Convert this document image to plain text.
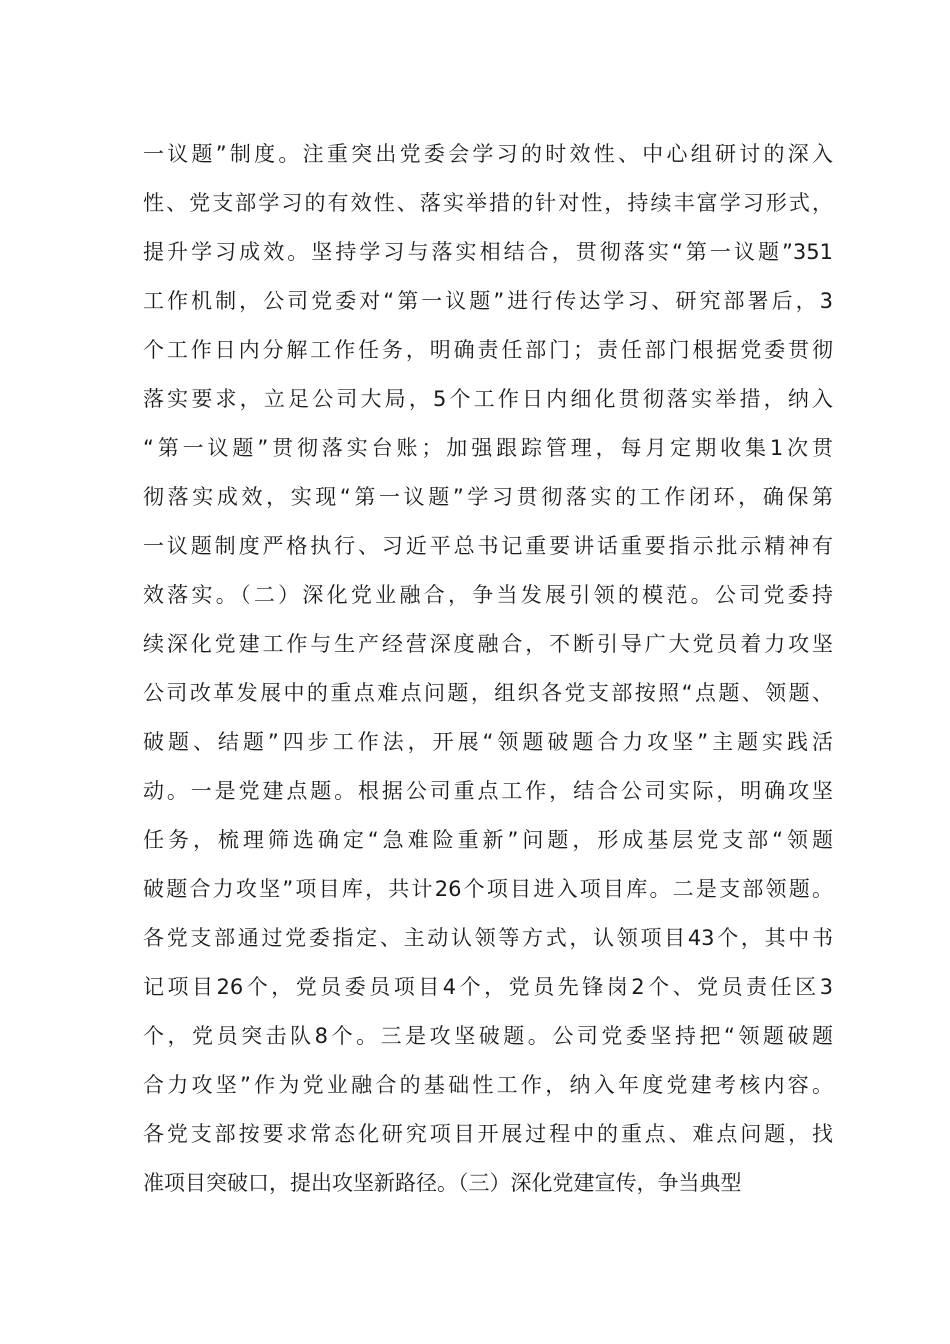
一议题”制度。注重突出党委会学习的时效性、中心组研讨的深入
性、党支部学习的有效性、落实举措的针对性，持续丰富学习形式，
提升学习成效。坚持学习与落实相结合，贯彻落实“第一议题”351
工作机制，公司党委对“第一议题”进行传达学习、研究部署后，3
个工作日内分解工作任务，明确责任部门；责任部门根据党委贯彻
落实要求，立足公司大局，5个工作日内细化贯彻落实举措，纳入
“第一议题”贯彻落实台账；加强跟踪管理，每月定期收集1次贯
彻落实成效，实现“第一议题”学习贯彻落实的工作闭环，确保第
一议题制度严格执行、习近平总书记重要讲话重要指示批示精神有
效落实。（二）深化党业融合，争当发展引领的模范。公司党委持
续深化党建工作与生产经营深度融合，不断引导广大党员着力攻坚
公司改革发展中的重点难点问题，组织各党支部按照“点题、领题、
破题、结题”四步工作法，开展“领题破题合力攻坚”主题实践活
动。一是党建点题。根据公司重点工作，结合公司实际，明确攻坚
任务，梳理筛选确定“急难险重新”问题，形成基层党支部“领题
破题合力攻坚”项目库，共计26个项目进入项目库。二是支部领题。
各党支部通过党委指定、主动认领等方式，认领项目43个，其中书
记项目26个，党员委员项目4个，党员先锋岗2个、党员责任区3
个，党员突击队8个。三是攻坚破题。公司党委坚持把“领题破题
合力攻坚”作为党业融合的基础性工作，纳入年度党建考核内容。
各党支部按要求常态化研究项目开展过程中的重点、难点问题，找
准项目突破口，提出攻坚新路径。（三）深化党建宣传，争当典型
